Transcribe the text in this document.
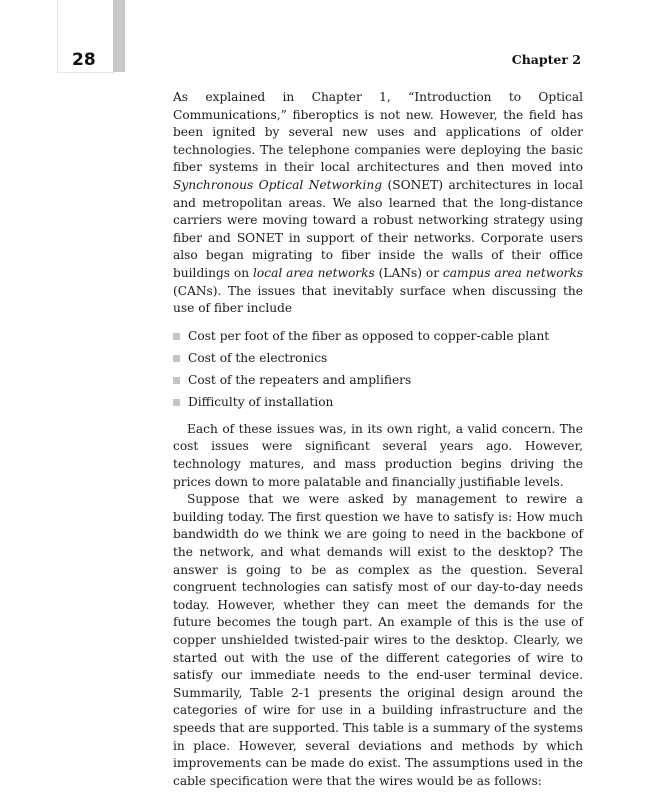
28	Chapter 2

As explained in Chapter 1, “Introduction to Optical Communications,” fiberoptics is not new. However, the field has been ignited by several new uses and applications of older technologies. The telephone companies were deploying the basic fiber systems in their local architectures and then moved into Synchronous Optical Networking (SONET) architectures in local and metropolitan areas. We also learned that the long-distance carriers were moving toward a robust networking strategy using fiber and SONET in support of their networks. Corporate users also began migrating to fiber inside the walls of their office buildings on local area networks (LANs) or campus area networks (CANs). The issues that inevitably surface when discussing the use of fiber include

Cost per foot of the fiber as opposed to copper-cable plant
Cost of the electronics
Cost of the repeaters and amplifiers
Difficulty of installation

Each of these issues was, in its own right, a valid concern. The cost issues were significant several years ago. However, technology matures, and mass production begins driving the prices down to more palatable and financially justifiable levels.

Suppose that we were asked by management to rewire a building today. The first question we have to satisfy is: How much bandwidth do we think we are going to need in the backbone of the network, and what demands will exist to the desktop? The answer is going to be as complex as the question. Several congruent technologies can satisfy most of our day-to-day needs today. However, whether they can meet the demands for the future becomes the tough part. An example of this is the use of copper unshielded twisted-pair wires to the desktop. Clearly, we started out with the use of the different categories of wire to satisfy our immediate needs to the end-user terminal device. Summarily, Table 2-1 presents the original design around the categories of wire for use in a building infrastructure and the speeds that are supported. This table is a summary of the systems in place. However, several deviations and methods by which improvements can be made do exist. The assumptions used in the cable specification were that the wires would be as follows:
